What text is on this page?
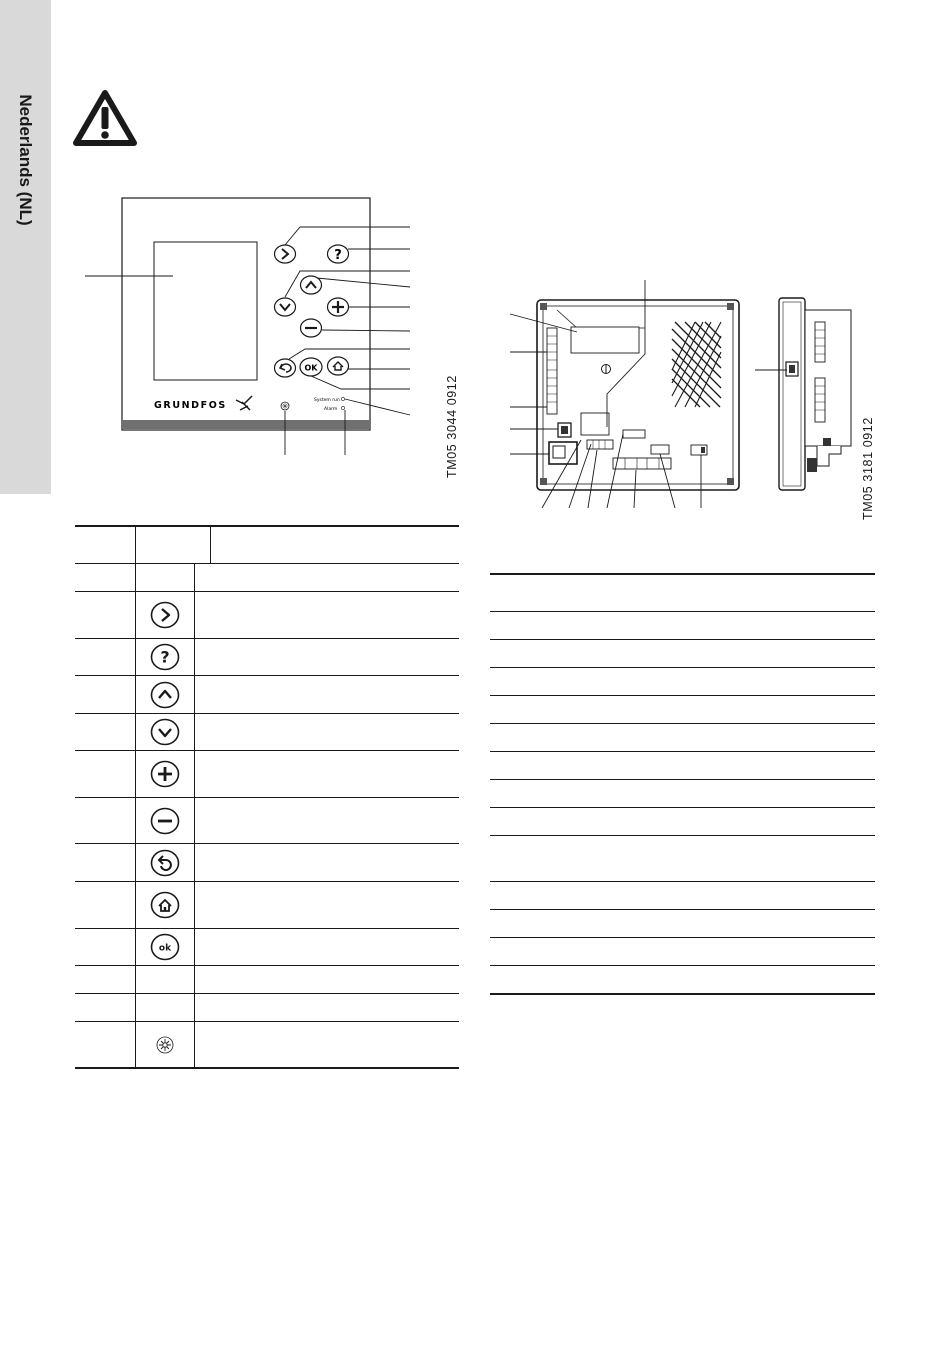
Nederlands (NL)
?
OK
GRUNDFOS	System run
Alarm	TM05 3044 0912	TM05 3181 0912
?
ok
